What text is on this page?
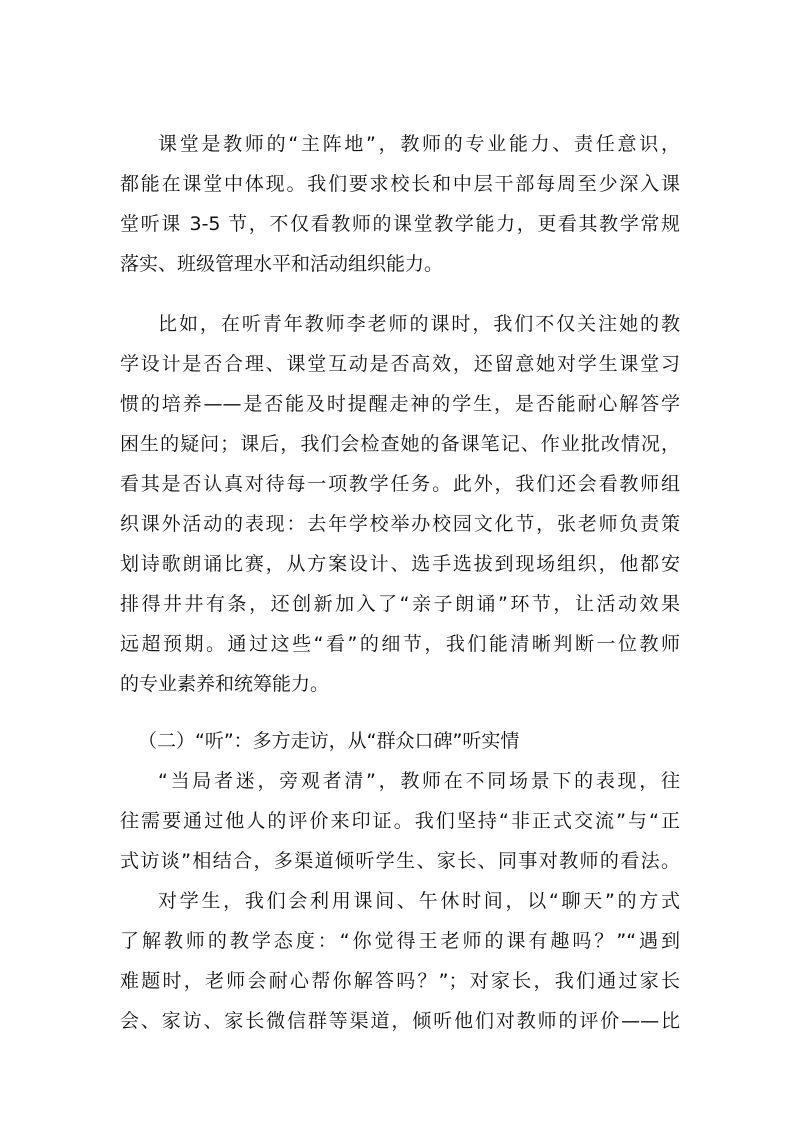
课堂是教师的“主阵地”，教师的专业能力、责任意识，

都能在课堂中体现。我们要求校长和中层干部每周至少深入课

堂听课 3-5 节，不仅看教师的课堂教学能力，更看其教学常规

落实、班级管理水平和活动组织能力。

比如，在听青年教师李老师的课时，我们不仅关注她的教

学设计是否合理、课堂互动是否高效，还留意她对学生课堂习

惯的培养——是否能及时提醒走神的学生，是否能耐心解答学

困生的疑问；课后，我们会检查她的备课笔记、作业批改情况，

看其是否认真对待每一项教学任务。此外，我们还会看教师组

织课外活动的表现：去年学校举办校园文化节，张老师负责策

划诗歌朗诵比赛，从方案设计、选手选拔到现场组织，他都安

排得井井有条，还创新加入了“亲子朗诵”环节，让活动效果

远超预期。通过这些“看”的细节，我们能清晰判断一位教师

的专业素养和统筹能力。

（二）“听”：多方走访，从“群众口碑”听实情

“当局者迷，旁观者清”，教师在不同场景下的表现，往

往需要通过他人的评价来印证。我们坚持“非正式交流”与“正

式访谈”相结合，多渠道倾听学生、家长、同事对教师的看法。

对学生，我们会利用课间、午休时间，以“聊天”的方式

了解教师的教学态度：“你觉得王老师的课有趣吗？”“遇到

难题时，老师会耐心帮你解答吗？”；对家长，我们通过家长

会、家访、家长微信群等渠道，倾听他们对教师的评价——比
